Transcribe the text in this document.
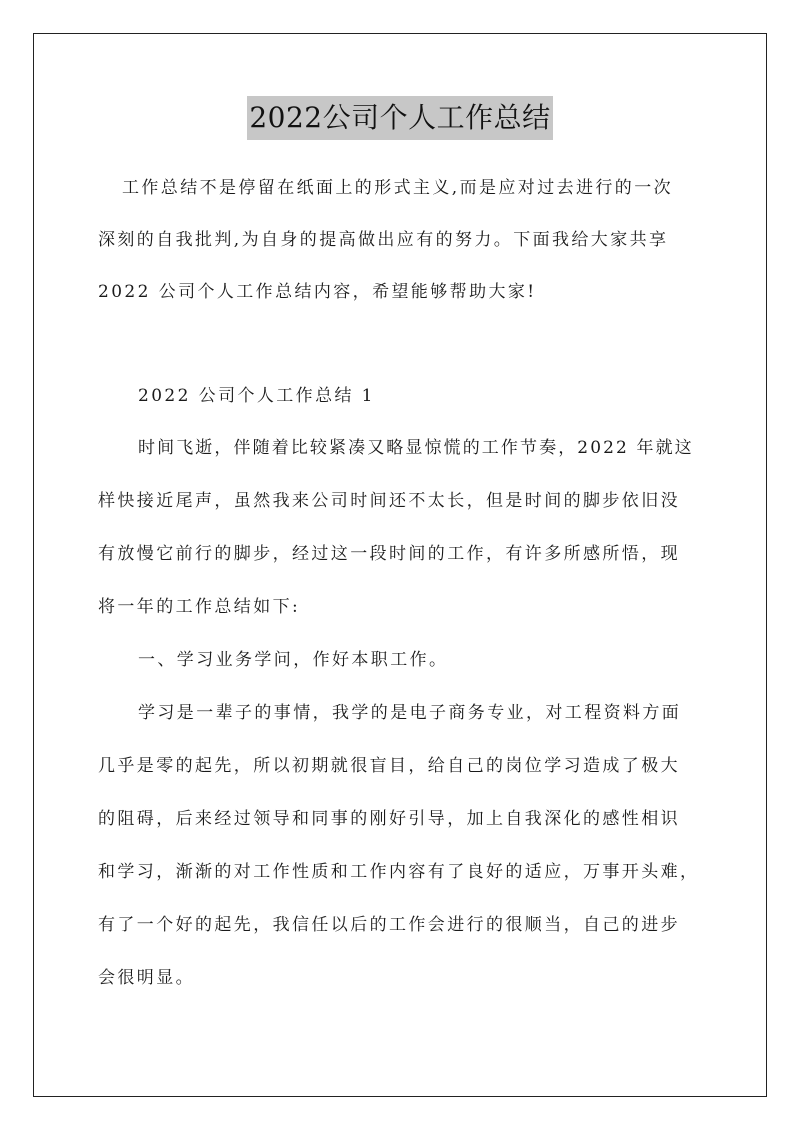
2022公司个人工作总结
工作总结不是停留在纸面上的形式主义,而是应对过去进行的一次
深刻的自我批判,为自身的提高做出应有的努力。下面我给大家共享
2022 公司个人工作总结内容，希望能够帮助大家!
2022 公司个人工作总结 1
时间飞逝，伴随着比较紧凑又略显惊慌的工作节奏，2022 年就这
样快接近尾声，虽然我来公司时间还不太长，但是时间的脚步依旧没
有放慢它前行的脚步，经过这一段时间的工作，有许多所感所悟，现
将一年的工作总结如下:
一、学习业务学问，作好本职工作。
学习是一辈子的事情，我学的是电子商务专业，对工程资料方面
几乎是零的起先，所以初期就很盲目，给自己的岗位学习造成了极大
的阻碍，后来经过领导和同事的刚好引导，加上自我深化的感性相识
和学习，渐渐的对工作性质和工作内容有了良好的适应，万事开头难，
有了一个好的起先，我信任以后的工作会进行的很顺当，自己的进步
会很明显。
